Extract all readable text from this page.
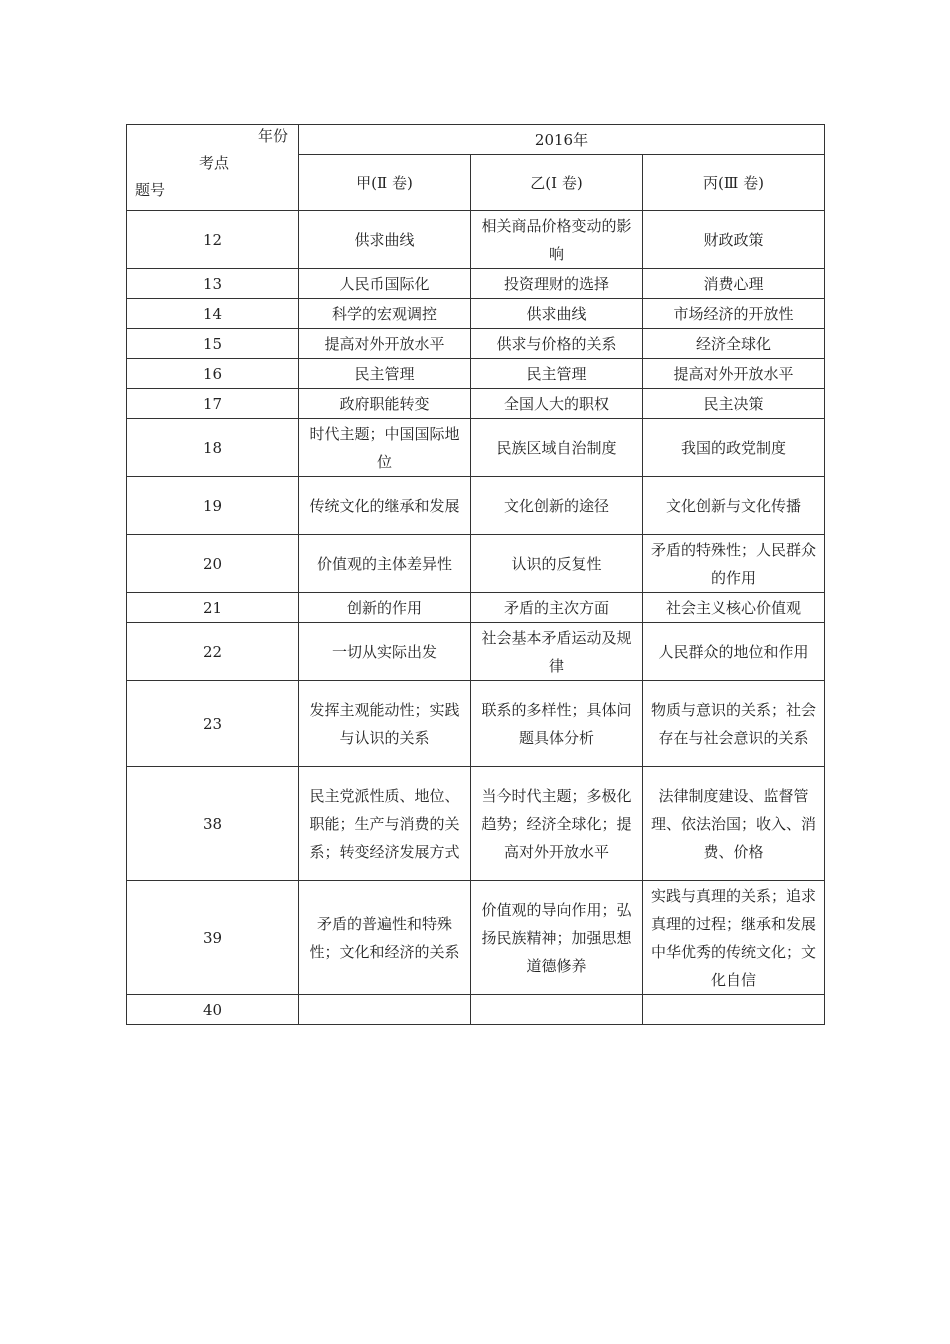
年份
考点
题号	2016年		
	甲(Ⅱ 卷)	乙(Ⅰ 卷)	丙(Ⅲ 卷)
12	供求曲线	相关商品价格变动的影响	财政政策
13	人民币国际化	投资理财的选择	消费心理
14	科学的宏观调控	供求曲线	市场经济的开放性
15	提高对外开放水平	供求与价格的关系	经济全球化
16	民主管理	民主管理	提高对外开放水平
17	政府职能转变	全国人大的职权	民主决策
18	时代主题；中国国际地位	民族区域自治制度	我国的政党制度
19	传统文化的继承和发展	文化创新的途径	文化创新与文化传播
20	价值观的主体差异性	认识的反复性	矛盾的特殊性；人民群众的作用
21	创新的作用	矛盾的主次方面	社会主义核心价值观
22	一切从实际出发	社会基本矛盾运动及规律	人民群众的地位和作用
23	发挥主观能动性；实践与认识的关系	联系的多样性；具体问题具体分析	物质与意识的关系；社会存在与社会意识的关系
38	民主党派性质、地位、职能；生产与消费的关系；转变经济发展方式	当今时代主题；多极化趋势；经济全球化；提高对外开放水平	法律制度建设、监督管理、依法治国；收入、消费、价格
39	矛盾的普遍性和特殊性；文化和经济的关系	价值观的导向作用；弘扬民族精神；加强思想道德修养	实践与真理的关系；追求真理的过程；继承和发展中华优秀的传统文化；文化自信
40			
